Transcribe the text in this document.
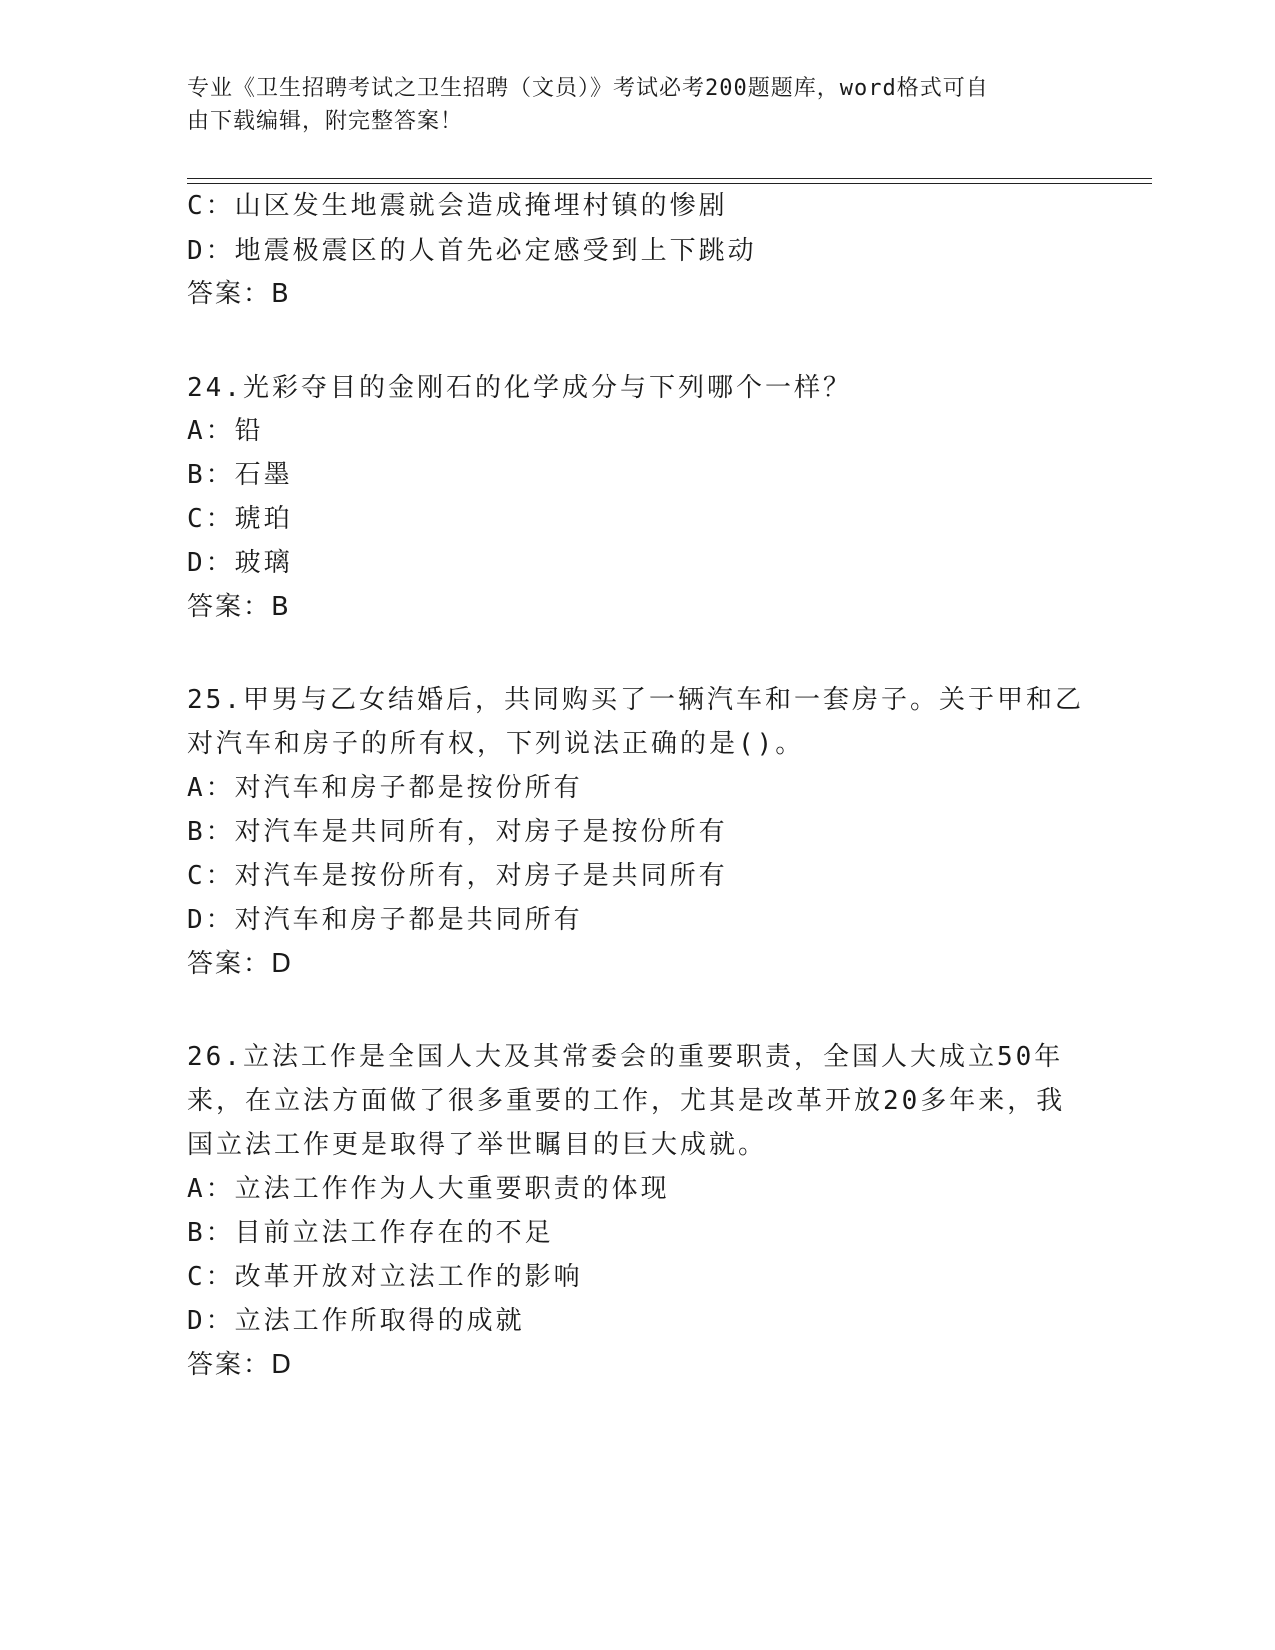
专业《卫生招聘考试之卫生招聘（文员）》考试必考200题题库，word格式可自
由下载编辑，附完整答案！
C：山区发生地震就会造成掩埋村镇的惨剧
D：地震极震区的人首先必定感受到上下跳动
答案：B
24.光彩夺目的金刚石的化学成分与下列哪个一样？
A：铅
B：石墨
C：琥珀
D：玻璃
答案：B
25.甲男与乙女结婚后，共同购买了一辆汽车和一套房子。关于甲和乙
对汽车和房子的所有权，下列说法正确的是()。
A：对汽车和房子都是按份所有
B：对汽车是共同所有，对房子是按份所有
C：对汽车是按份所有，对房子是共同所有
D：对汽车和房子都是共同所有
答案：D
26.立法工作是全国人大及其常委会的重要职责，全国人大成立50年
来，在立法方面做了很多重要的工作，尤其是改革开放20多年来，我
国立法工作更是取得了举世瞩目的巨大成就。
A：立法工作作为人大重要职责的体现
B：目前立法工作存在的不足
C：改革开放对立法工作的影响
D：立法工作所取得的成就
答案：D
